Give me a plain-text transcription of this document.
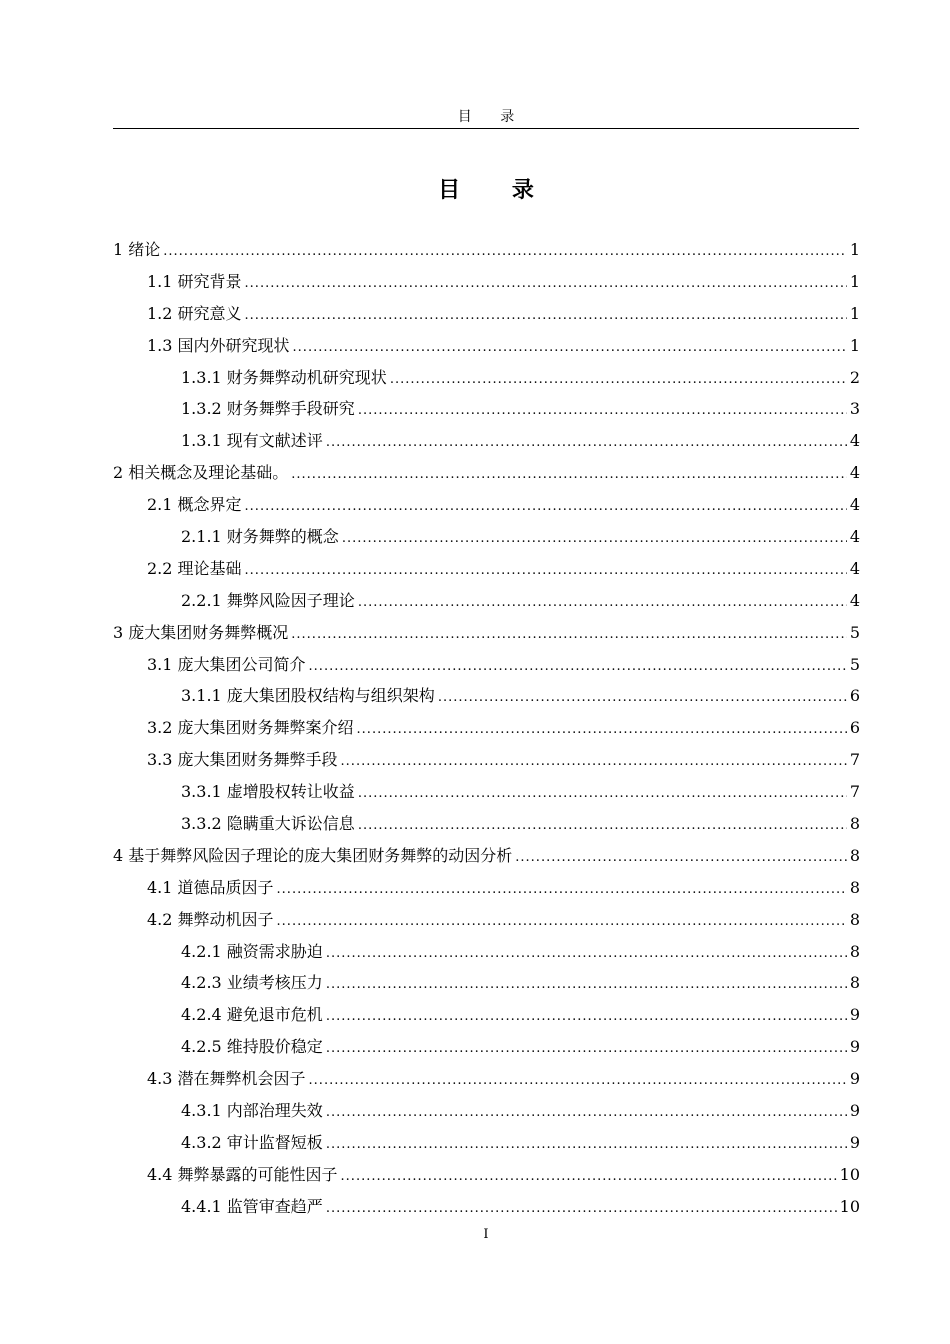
目 录
目 录
1 绪论 .....	1
1.1 研究背景 .....	1
1.2 研究意义 .....	1
1.3 国内外研究现状 .....	1
1.3.1 财务舞弊动机研究现状 .....	2
1.3.2 财务舞弊手段研究 .....	3
1.3.1 现有文献述评 .....	4
2 相关概念及理论基础。 .....	4
2.1 概念界定 .....	4
2.1.1 财务舞弊的概念 .....	4
2.2 理论基础 .....	4
2.2.1 舞弊风险因子理论 .....	4
3 庞大集团财务舞弊概况 .....	5
3.1 庞大集团公司简介 .....	5
3.1.1 庞大集团股权结构与组织架构 .....	6
3.2 庞大集团财务舞弊案介绍 .....	6
3.3 庞大集团财务舞弊手段 .....	7
3.3.1 虚增股权转让收益 .....	7
3.3.2 隐瞒重大诉讼信息 .....	8
4 基于舞弊风险因子理论的庞大集团财务舞弊的动因分析 .....	8
4.1 道德品质因子 .....	8
4.2 舞弊动机因子 .....	8
4.2.1 融资需求胁迫 .....	8
4.2.3 业绩考核压力 .....	8
4.2.4 避免退市危机 .....	9
4.2.5 维持股价稳定 .....	9
4.3 潜在舞弊机会因子 .....	9
4.3.1 内部治理失效 .....	9
4.3.2 审计监督短板 .....	9
4.4 舞弊暴露的可能性因子 .....	10
4.4.1 监管审查趋严 .....	10
I
